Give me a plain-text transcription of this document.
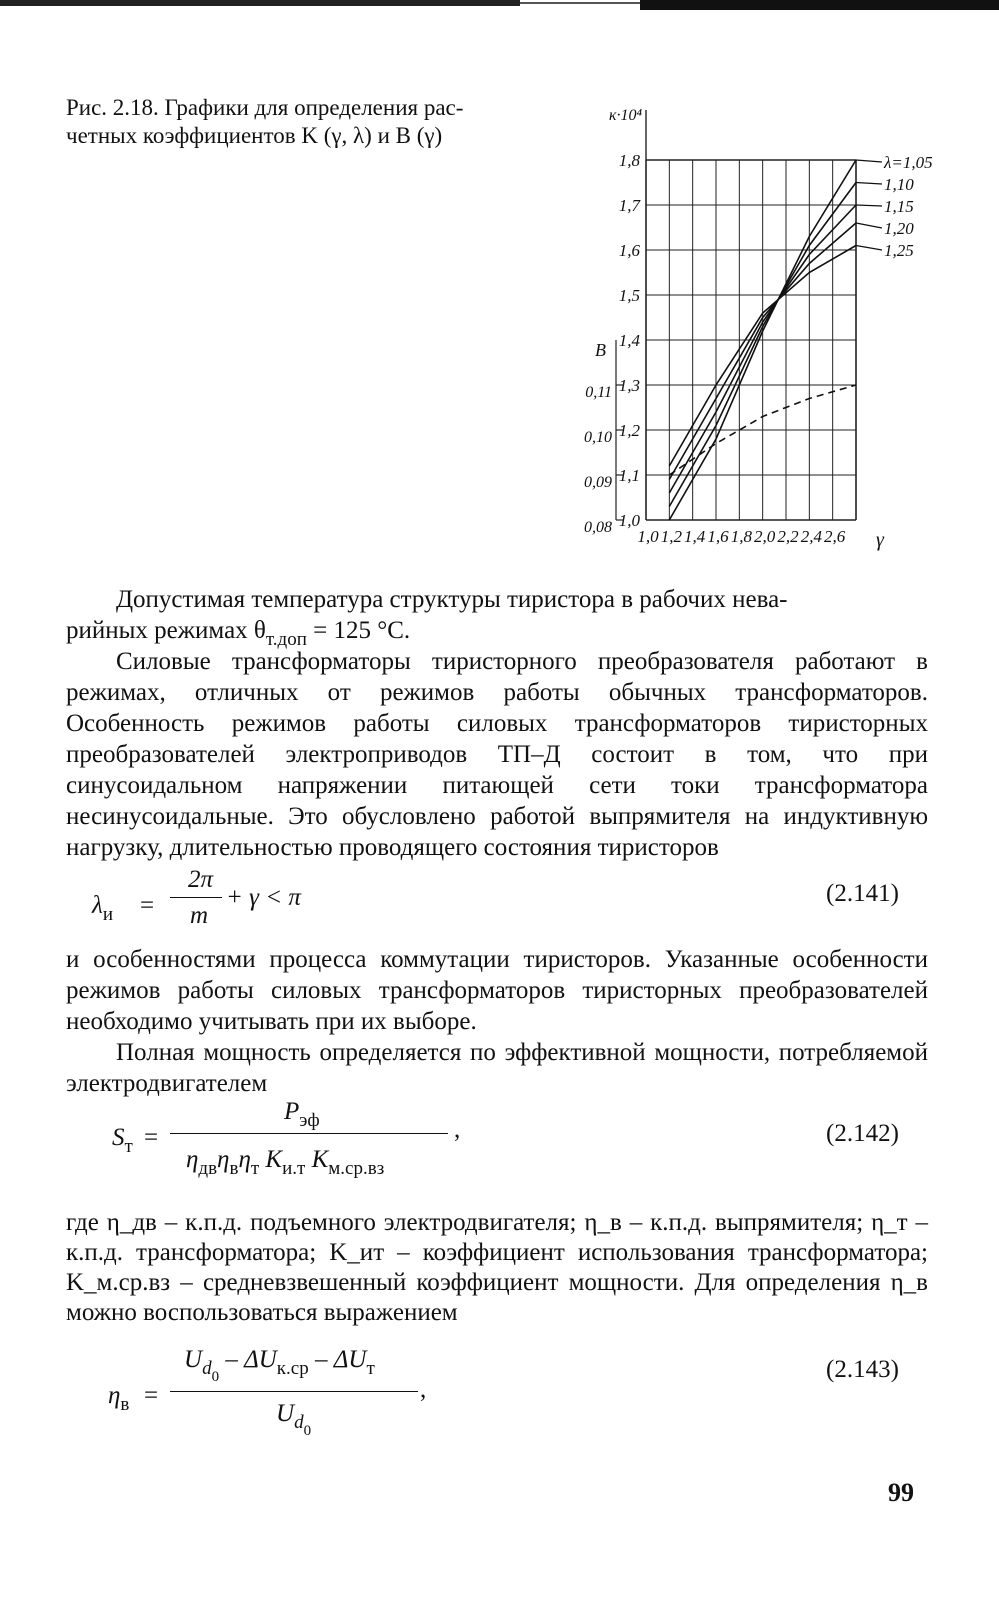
Рис. 2.18. Графики для определения рас-
четных коэффициентов K (γ, λ) и B (γ)
к·10⁴
1,0
1,1
1,2
1,3
1,4
1,5
1,6
1,7
1,8
B
0,08
0,09
0,10
0,11
1,0 1,2 1,4 1,6 1,8 2,0 2,2 2,4 2,6 γ
λ=1,05
1,10
1,15
1,20
1,25
Допустимая температура структуры тиристора в рабочих нева-
рийных режимах $\theta_{т.доп} = 125$ °С.
Силовые трансформаторы тиристорного преобразователя работают в режимах, отличных от режимов работы обычных трансформаторов. Особенность режимов работы силовых трансформаторов тиристорных преобразователей электроприводов ТП–Д состоит в том, что при синусоидальном напряжении питающей сети токи трансформатора несинусоидальные. Это обусловлено работой выпрямителя на индуктивную нагрузку, длительностью проводящего состояния тиристоров
$\lambda_и$ =
2π
m
+ γ < π	(2.141)
и особенностями процесса коммутации тиристоров. Указанные особенности режимов работы силовых трансформаторов тиристорных преобразователей необходимо учитывать при их выборе.
Полная мощность определяется по эффективной мощности, потребляемой электродвигателем
$S_т$ =
$P_{эф}$
$\eta_{дв}\eta_в\eta_т$ $K_{и.т}$ $K_{м.ср.вз}$
,	(2.142)
где η_дв – к.п.д. подъемного электродвигателя; η_в – к.п.д. выпрямителя; η_т – к.п.д. трансформатора; K_ит – коэффициент использования трансформатора; K_м.ср.вз – средневзвешенный коэффициент мощности. Для определения η_в можно воспользоваться выражением
$\eta_в$ =
$U_{d0} - \Delta U_{к.ср} - \Delta U_т$
$U_{d0}$
,
(2.143)
99
